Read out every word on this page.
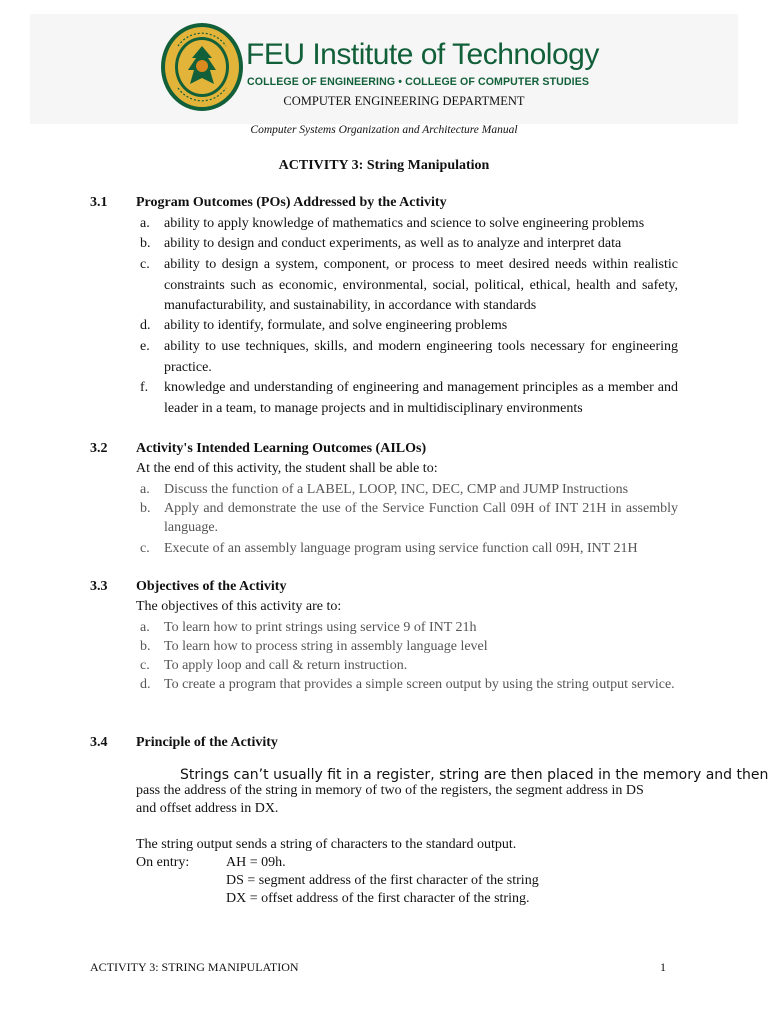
FEU Institute of Technology
COLLEGE OF ENGINEERING • COLLEGE OF COMPUTER STUDIES
COMPUTER ENGINEERING DEPARTMENT
Computer Systems Organization and Architecture Manual
ACTIVITY 3: String Manipulation
3.1 Program Outcomes (POs) Addressed by the Activity
a. ability to apply knowledge of mathematics and science to solve engineering problems
b. ability to design and conduct experiments, as well as to analyze and interpret data
c. ability to design a system, component, or process to meet desired needs within realistic constraints such as economic, environmental, social, political, ethical, health and safety, manufacturability, and sustainability, in accordance with standards
d. ability to identify, formulate, and solve engineering problems
e. ability to use techniques, skills, and modern engineering tools necessary for engineering practice.
f. knowledge and understanding of engineering and management principles as a member and leader in a team, to manage projects and in multidisciplinary environments
3.2 Activity's Intended Learning Outcomes (AILOs)
At the end of this activity, the student shall be able to:
a. Discuss the function of a LABEL, LOOP, INC, DEC, CMP and JUMP Instructions
b. Apply and demonstrate the use of the Service Function Call 09H of INT 21H in assembly language.
c. Execute of an assembly language program using service function call 09H, INT 21H
3.3 Objectives of the Activity
The objectives of this activity are to:
a. To learn how to print strings using service 9 of INT 21h
b. To learn how to process string in assembly language level
c. To apply loop and call & return instruction.
d. To create a program that provides a simple screen output by using the string output service.
3.4 Principle of the Activity
Strings can’t usually fit in a register, string are then placed in the memory and then
pass the address of the string in memory of two of the registers, the segment address in DS
and offset address in DX.
The string output sends a string of characters to the standard output.
On entry:	AH = 09h.
DS = segment address of the first character of the string
DX = offset address of the first character of the string.
ACTIVITY 3: STRING MANIPULATION	1
